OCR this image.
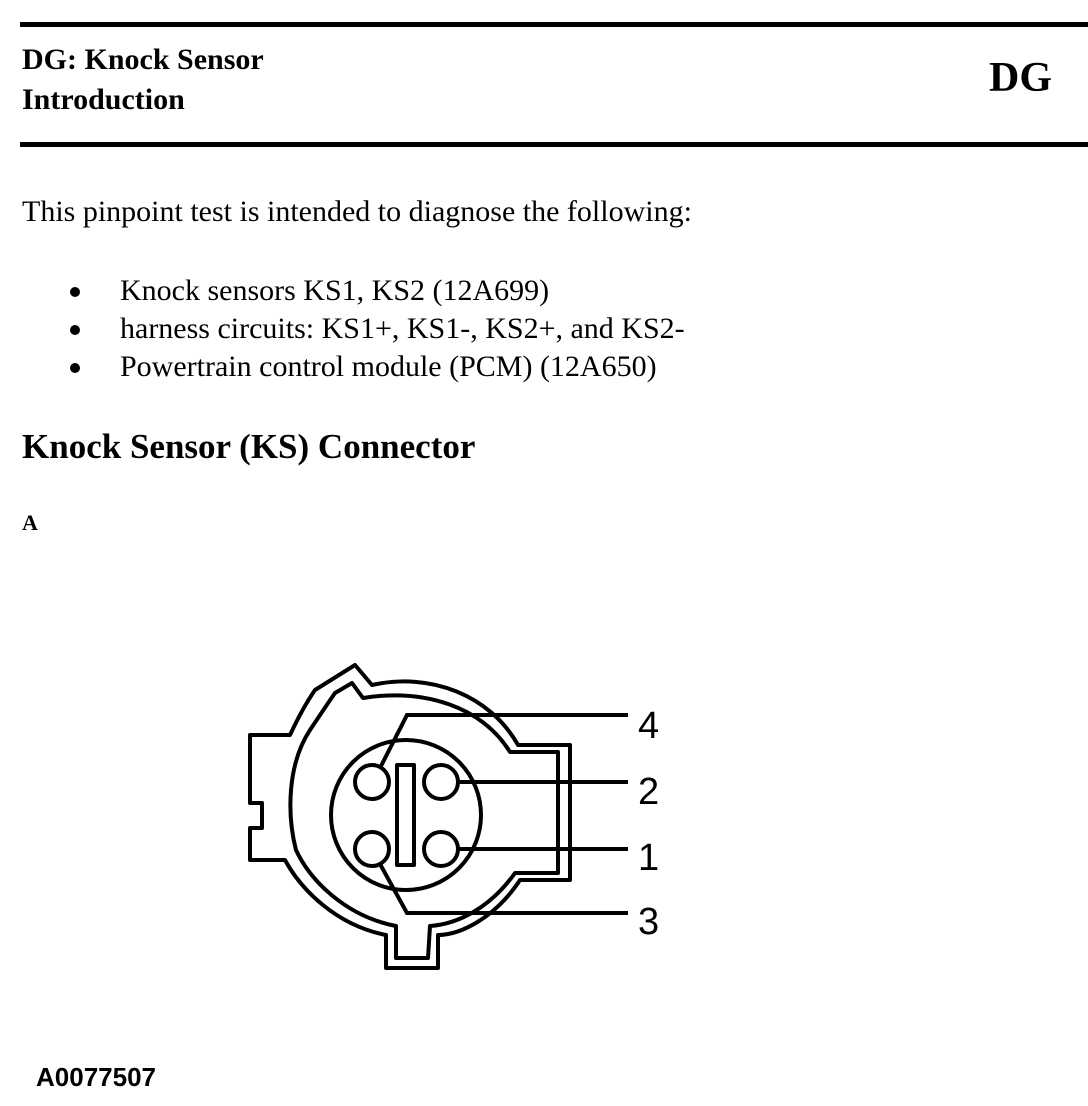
DG: Knock Sensor
Introduction	DG

This pinpoint test is intended to diagnose the following:

Knock sensors KS1, KS2 (12A699)
harness circuits: KS1+, KS1-, KS2+, and KS2-
Powertrain control module (PCM) (12A650)
Knock Sensor (KS) Connector
A
4
2
1
3
A0077507
